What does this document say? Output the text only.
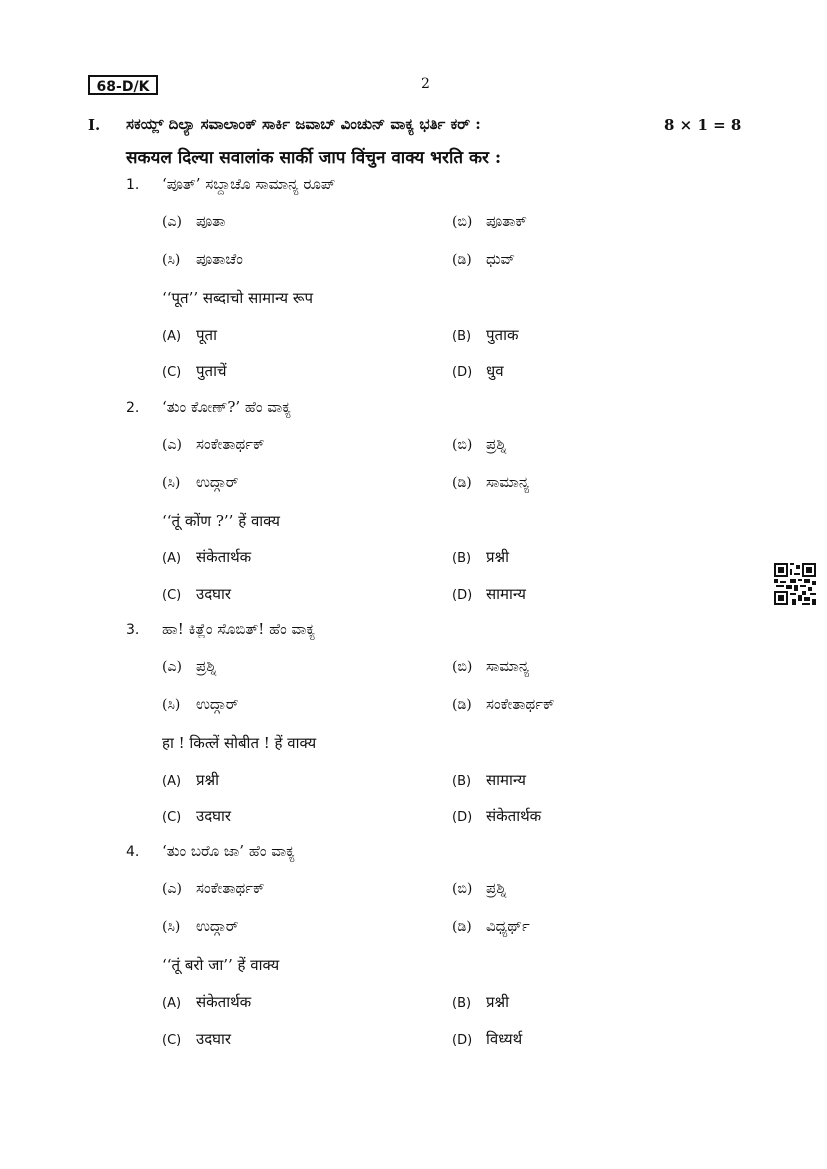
68-D/K	2
I. ಸಕಯ್ಲ್ ದಿಲ್ಯಾ ಸವಾಲಾಂಕ್ ಸಾರ್ಕಿ ಜವಾಬ್ ವಿಂಚುನ್ ವಾಕ್ಯ ಭರ್ತಿ ಕರ್ :	8 × 1 = 8
सकयल दिल्या सवालांक सार्की जाप विंचुन वाक्य भरति कर :
1. ‘ಪೂತ್’ ಸಬ್ದಾಚೊ ಸಾಮಾನ್ಯ ರೂಪ್
(ಎ) ಪೂತಾ	(ಬಿ) ಪೂತಾಕ್
(ಸಿ) ಪೂತಾಚೆಂ	(ಡಿ) ಧುವ್
‘‘पूत’’ सब्दाचो सामान्य रूप
(A) पूता	(B) पुताक
(C) पुताचें	(D) धुव
2. ‘ತುಂ ಕೋಣ್?’ ಹೆಂ ವಾಕ್ಯ
(ಎ) ಸಂಕೇತಾರ್ಥಕ್	(ಬಿ) ಪ್ರಶ್ನಿ
(ಸಿ) ಉದ್ಗಾರ್	(ಡಿ) ಸಾಮಾನ್ಯ
‘‘तूं कोंण ?’’ हें वाक्य
(A) संकेतार्थक	(B) प्रश्नी
(C) उदघार	(D) सामान्य
3. ಹಾ! ಕಿತ್ಲೆಂ ಸೊಬಿತ್! ಹೆಂ ವಾಕ್ಯ
(ಎ) ಪ್ರಶ್ನಿ	(ಬಿ) ಸಾಮಾನ್ಯ
(ಸಿ) ಉದ್ಗಾರ್	(ಡಿ) ಸಂಕೇತಾರ್ಥಕ್
हा ! कित्लें सोबीत ! हें वाक्य
(A) प्रश्नी	(B) सामान्य
(C) उदघार	(D) संकेतार्थक
4. ‘ತುಂ ಬರೊ ಜಾ’ ಹೆಂ ವಾಕ್ಯ
(ಎ) ಸಂಕೇತಾರ್ಥಕ್	(ಬಿ) ಪ್ರಶ್ನಿ
(ಸಿ) ಉದ್ಗಾರ್	(ಡಿ) ವಿಧ್ಯರ್ಥ್
‘‘तूं बरो जा’’ हें वाक्य
(A) संकेतार्थक	(B) प्रश्नी
(C) उदघार	(D) विध्यर्थ
